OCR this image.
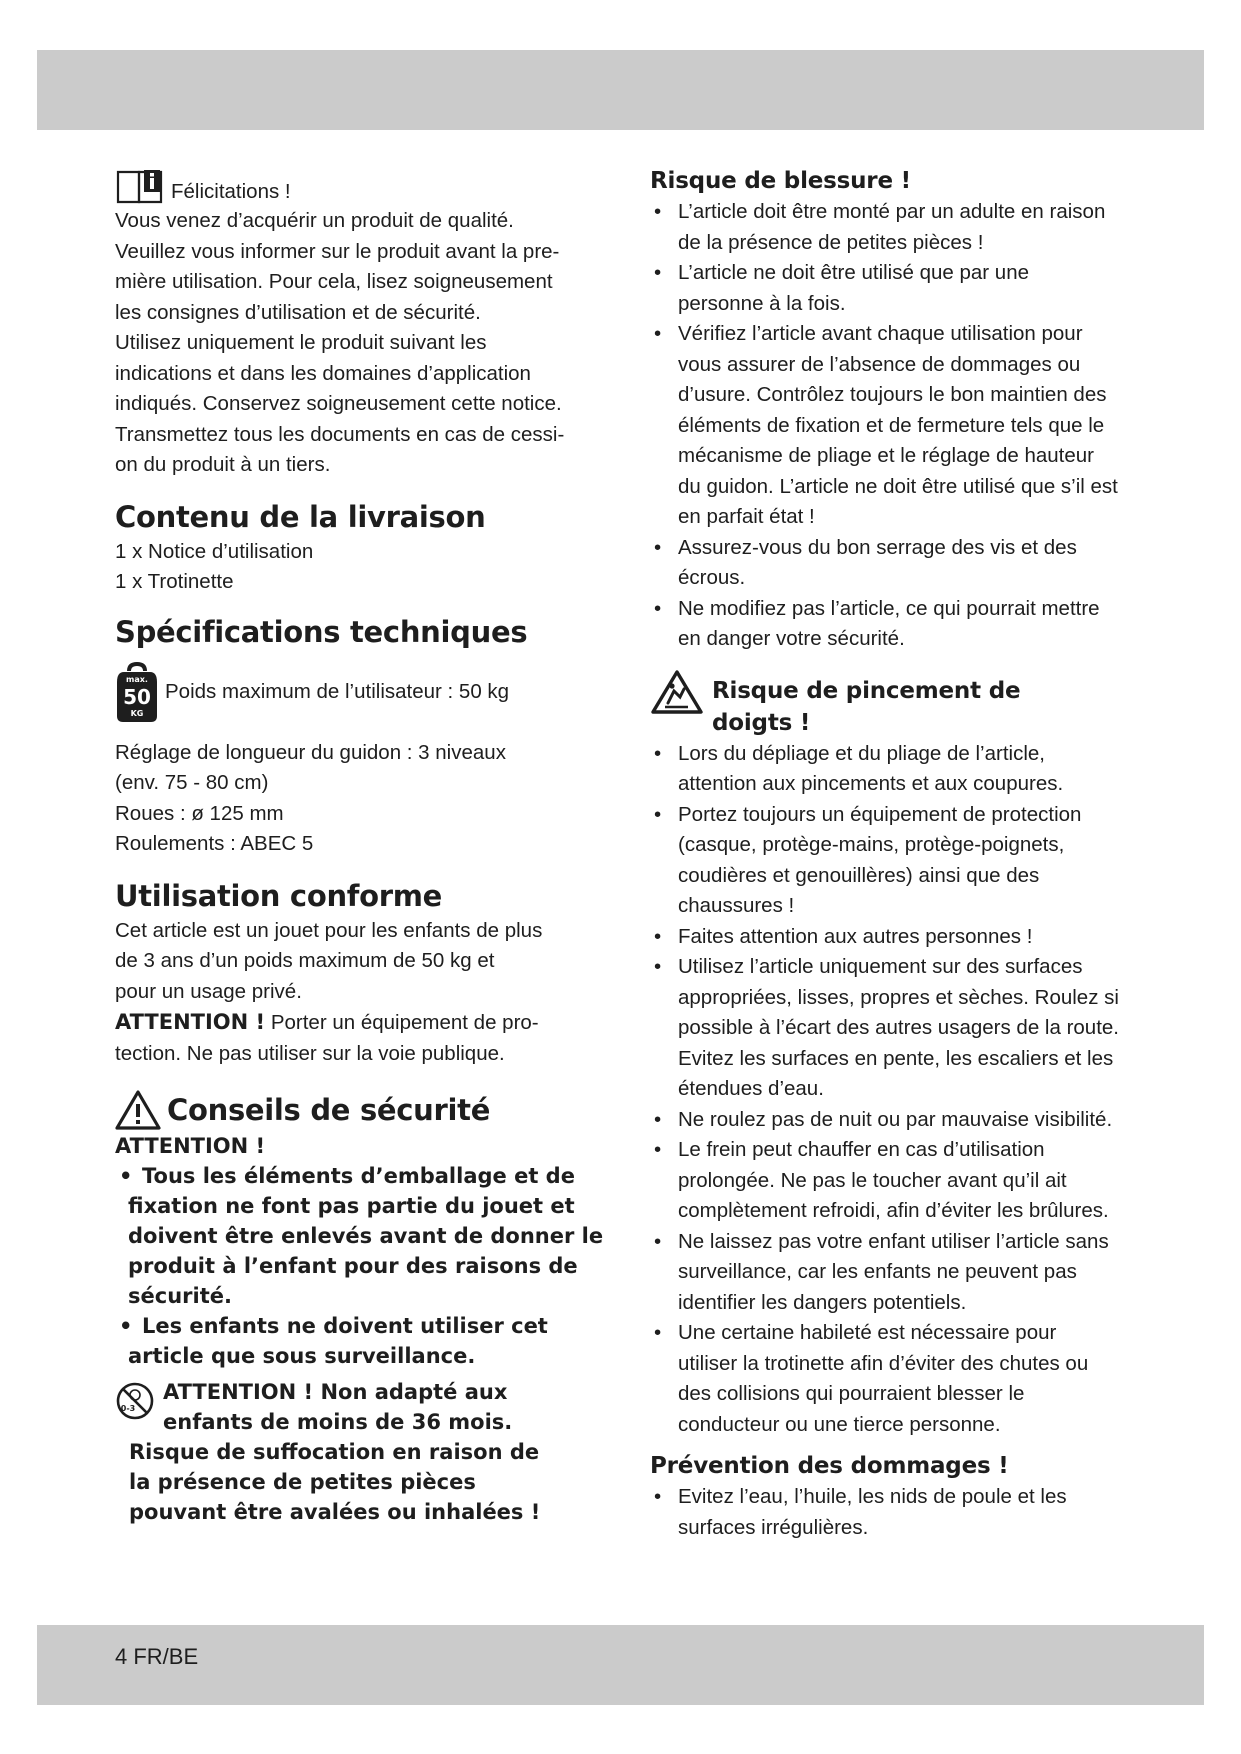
Félicitations !

Vous venez d’acquérir un produit de qualité.

Veuillez vous informer sur le produit avant la pre-

mière utilisation. Pour cela, lisez soigneusement

les consignes d’utilisation et de sécurité.

Utilisez uniquement le produit suivant les

indications et dans les domaines d’application

indiqués. Conservez soigneusement cette notice.

Transmettez tous les documents en cas de cessi-

on du produit à un tiers.

Contenu de la livraison

1 x Notice d’utilisation

1 x Trotinette

Spécifications techniques
max.
50
KG

Poids maximum de l’utilisateur : 50 kg

Réglage de longueur du guidon : 3 niveaux

(env. 75 - 80 cm)

Roues : ø 125 mm

Roulements : ABEC 5

Utilisation conforme

Cet article est un jouet pour les enfants de plus

de 3 ans d’un poids maximum de 50 kg et

pour un usage privé.

ATTENTION ! Porter un équipement de pro-

tection. Ne pas utiliser sur la voie publique.

Conseils de sécurité

ATTENTION !

• Tous les éléments d’emballage et de fixation ne font pas partie du jouet et doivent être enlevés avant de donner le produit à l’enfant pour des raisons de sécurité.
• Les enfants ne doivent utiliser cet article que sous surveillance.
0-3

ATTENTION ! Non adapté aux

enfants de moins de 36 mois.

Risque de suffocation en raison de

la présence de petites pièces

pouvant être avalées ou inhalées !

Risque de blessure !
• L’article doit être monté par un adulte en raison de la présence de petites pièces !
• L’article ne doit être utilisé que par une personne à la fois.
• Vérifiez l’article avant chaque utilisation pour vous assurer de l’absence de dommages ou d’usure. Contrôlez toujours le bon maintien des éléments de fixation et de fermeture tels que le mécanisme de pliage et le réglage de hauteur du guidon. L’article ne doit être utilisé que s’il est en parfait état !
• Assurez-vous du bon serrage des vis et des écrous.
• Ne modifiez pas l’article, ce qui pourrait mettre en danger votre sécurité.
Risque de pincement de doigts !
• Lors du dépliage et du pliage de l’article, attention aux pincements et aux coupures.
• Portez toujours un équipement de protection (casque, protège-mains, protège-poignets, coudières et genouillères) ainsi que des chaussures !
• Faites attention aux autres personnes !
• Utilisez l’article uniquement sur des surfaces appropriées, lisses, propres et sèches. Roulez si possible à l’écart des autres usagers de la route. Evitez les surfaces en pente, les escaliers et les étendues d’eau.
• Ne roulez pas de nuit ou par mauvaise visibilité.
• Le frein peut chauffer en cas d’utilisation prolongée. Ne pas le toucher avant qu’il ait complètement refroidi, afin d’éviter les brûlures.
• Ne laissez pas votre enfant utiliser l’article sans surveillance, car les enfants ne peuvent pas identifier les dangers potentiels.
• Une certaine habileté est nécessaire pour utiliser la trotinette afin d’éviter des chutes ou des collisions qui pourraient blesser le conducteur ou une tierce personne.
Prévention des dommages !
• Evitez l’eau, l’huile, les nids de poule et les surfaces irrégulières.
4 FR/BE
